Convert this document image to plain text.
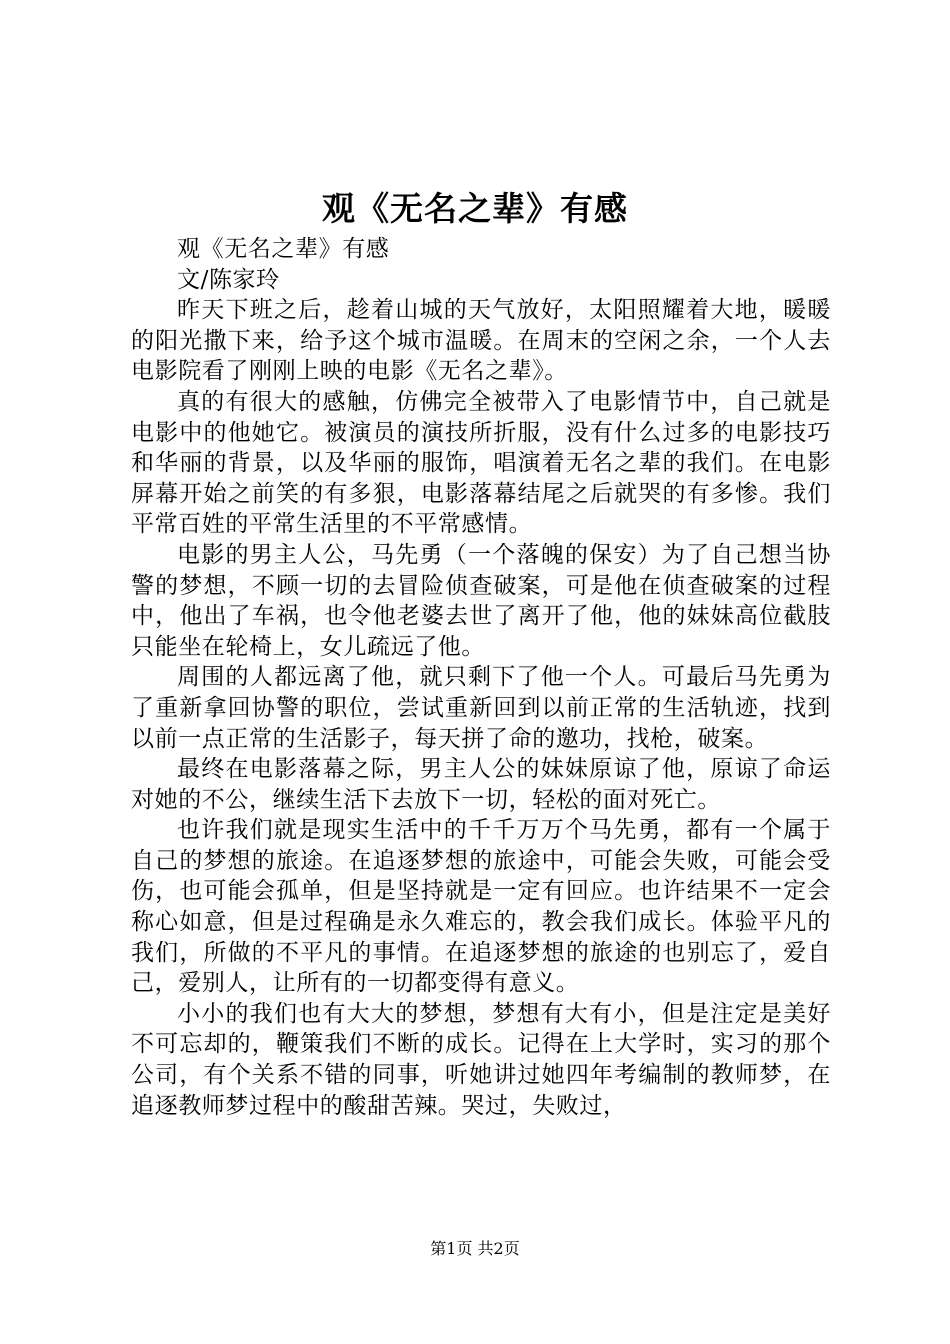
观《无名之辈》有感

观《无名之辈》有感

文/陈家玲

昨天下班之后，趁着山城的天气放好，太阳照耀着大地，暖暖的阳光撒下来，给予这个城市温暖。在周末的空闲之余，一个人去电影院看了刚刚上映的电影《无名之辈》。

真的有很大的感触，仿佛完全被带入了电影情节中，自己就是电影中的他她它。被演员的演技所折服，没有什么过多的电影技巧和华丽的背景，以及华丽的服饰，唱演着无名之辈的我们。在电影屏幕开始之前笑的有多狠，电影落幕结尾之后就哭的有多惨。我们平常百姓的平常生活里的不平常感情。

电影的男主人公，马先勇（一个落魄的保安）为了自己想当协警的梦想，不顾一切的去冒险侦查破案，可是他在侦查破案的过程中，他出了车祸，也令他老婆去世了离开了他，他的妹妹高位截肢只能坐在轮椅上，女儿疏远了他。

周围的人都远离了他，就只剩下了他一个人。可最后马先勇为了重新拿回协警的职位，尝试重新回到以前正常的生活轨迹，找到以前一点正常的生活影子，每天拼了命的邀功，找枪，破案。

最终在电影落幕之际，男主人公的妹妹原谅了他，原谅了命运对她的不公，继续生活下去放下一切，轻松的面对死亡。

也许我们就是现实生活中的千千万万个马先勇，都有一个属于自己的梦想的旅途。在追逐梦想的旅途中，可能会失败，可能会受伤，也可能会孤单，但是坚持就是一定有回应。也许结果不一定会称心如意，但是过程确是永久难忘的，教会我们成长。体验平凡的我们，所做的不平凡的事情。在追逐梦想的旅途的也别忘了，爱自己，爱别人，让所有的一切都变得有意义。

小小的我们也有大大的梦想，梦想有大有小，但是注定是美好不可忘却的，鞭策我们不断的成长。记得在上大学时，实习的那个公司，有个关系不错的同事，听她讲过她四年考编制的教师梦，在追逐教师梦过程中的酸甜苦辣。哭过，失败过，

第1页 共2页
